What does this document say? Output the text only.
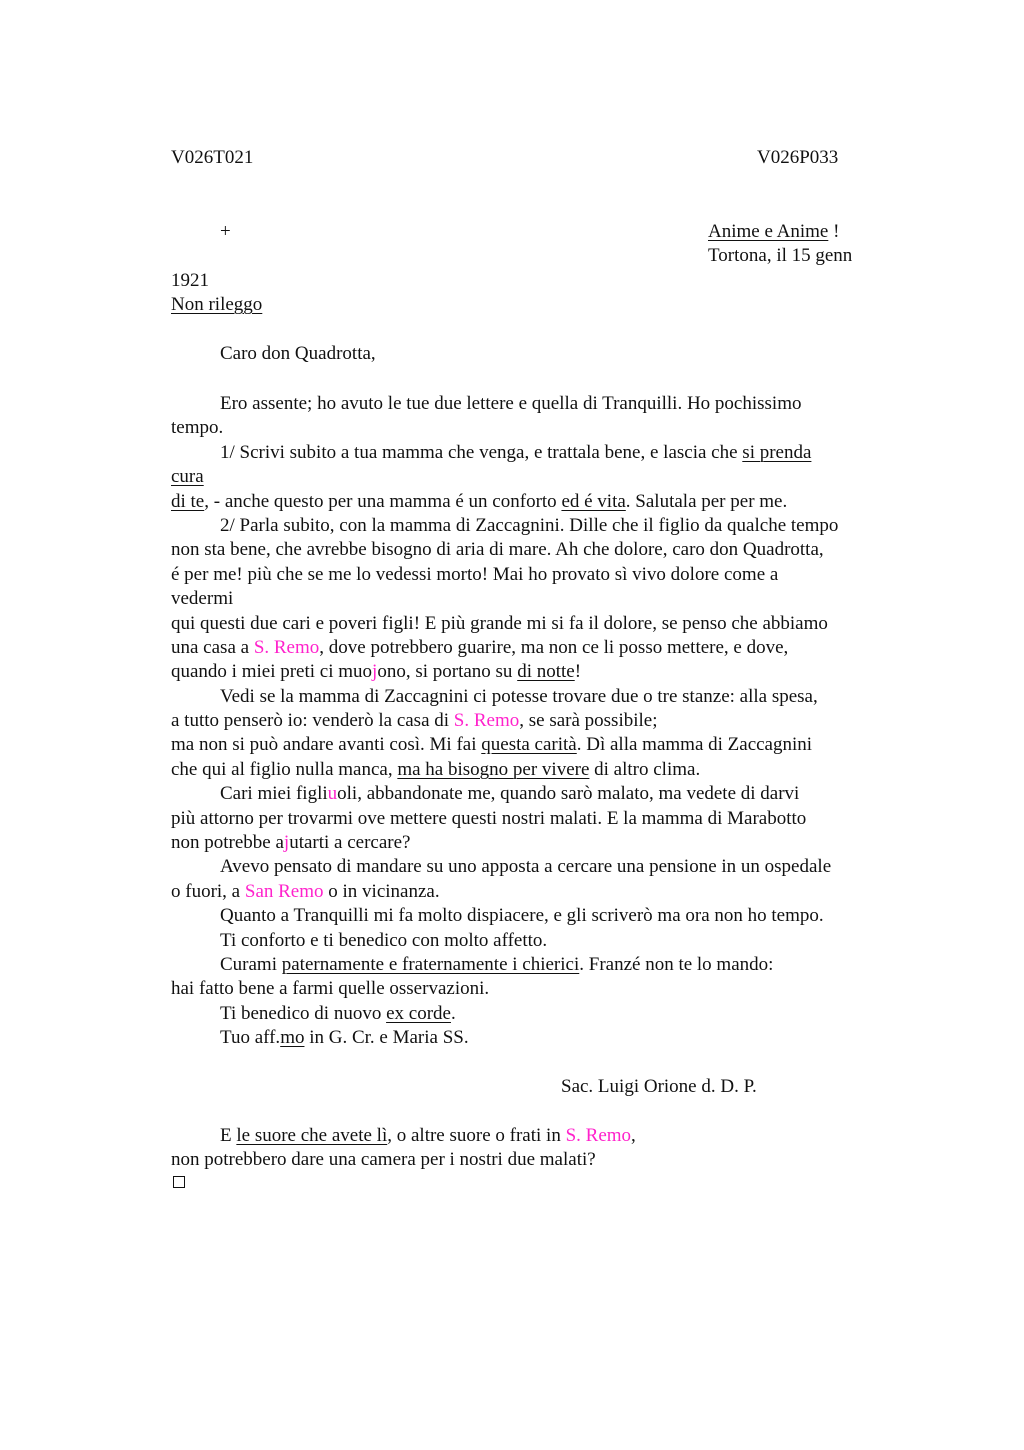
V026T021	V026P033
+	Anime e Anime !
Tortona, il 15 genn
1921
Non rileggo
Caro don Quadrotta,
Ero assente; ho avuto le tue due lettere e quella di Tranquilli. Ho pochissimo
tempo.
1/ Scrivi subito a tua mamma che venga, e trattala bene, e lascia che si prenda
cura
di te, - anche questo per una mamma é un conforto ed é vita. Salutala per per me.
2/ Parla subito, con la mamma di Zaccagnini. Dille che il figlio da qualche tempo
non sta bene, che avrebbe bisogno di aria di mare. Ah che dolore, caro don Quadrotta,
é per me! più che se me lo vedessi morto! Mai ho provato sì vivo dolore come a
vedermi
qui questi due cari e poveri figli! E più grande mi si fa il dolore, se penso che abbiamo
una casa a S. Remo, dove potrebbero guarire, ma non ce li posso mettere, e dove,
quando i miei preti ci muojono, si portano su di notte!
Vedi se la mamma di Zaccagnini ci potesse trovare due o tre stanze: alla spesa,
a tutto penserò io: venderò la casa di S. Remo, se sarà possibile;
ma non si può andare avanti così. Mi fai questa carità. Dì alla mamma di Zaccagnini
che qui al figlio nulla manca, ma ha bisogno per vivere di altro clima.
Cari miei figliuoli, abbandonate me, quando sarò malato, ma vedete di darvi
più attorno per trovarmi ove mettere questi nostri malati. E la mamma di Marabotto
non potrebbe ajutarti a cercare?
Avevo pensato di mandare su uno apposta a cercare una pensione in un ospedale
o fuori, a San Remo o in vicinanza.
Quanto a Tranquilli mi fa molto dispiacere, e gli scriverò ma ora non ho tempo.
Ti conforto e ti benedico con molto affetto.
Curami paternamente e fraternamente i chierici. Franzé non te lo mando:
hai fatto bene a farmi quelle osservazioni.
Ti benedico di nuovo ex corde.
Tuo aff.mo in G. Cr. e Maria SS.
Sac. Luigi Orione d. D. P.
E le suore che avete lì, o altre suore o frati in S. Remo,
non potrebbero dare una camera per i nostri due malati?
